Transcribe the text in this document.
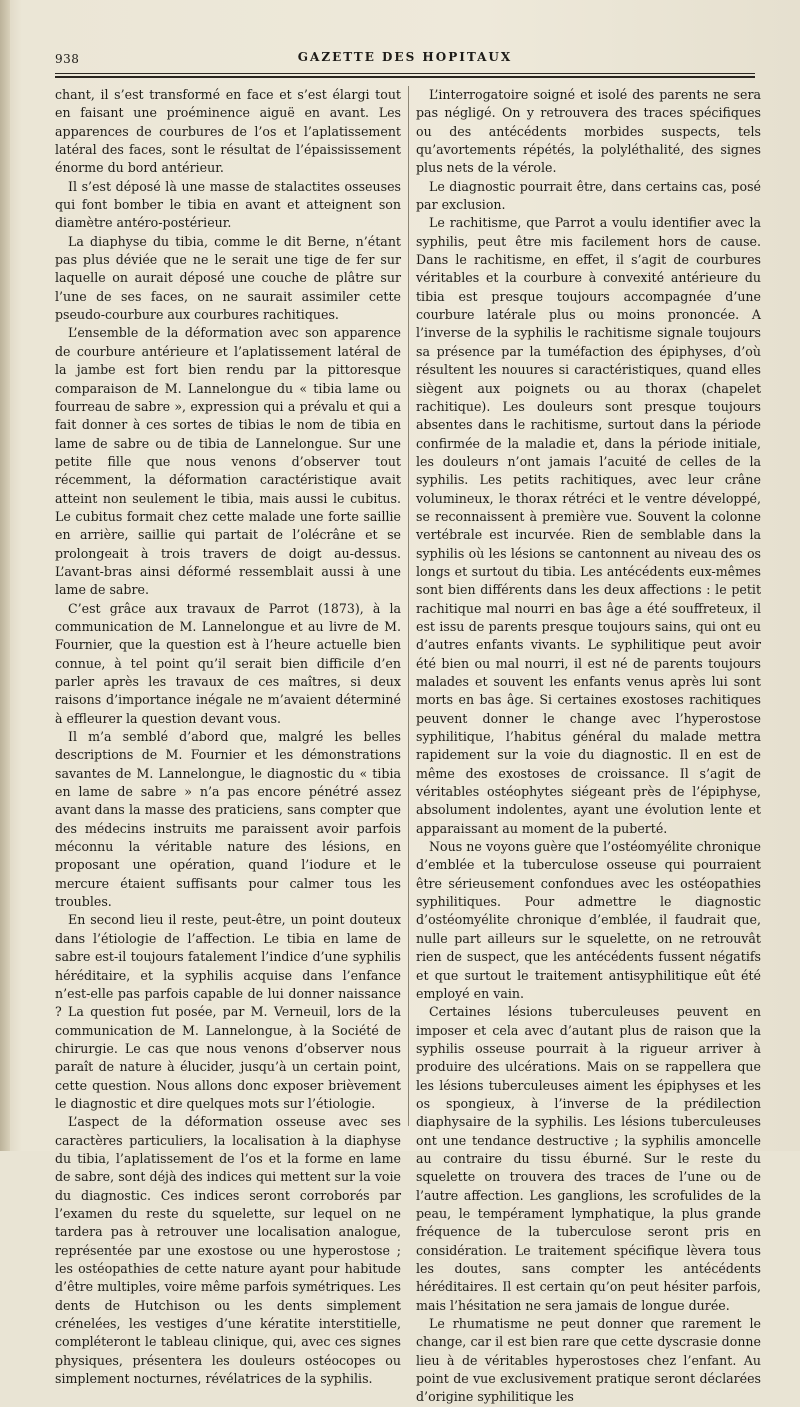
938	GAZETTE DES HOPITAUX

chant, il s’est transformé en face et s’est élargi tout en faisant une proéminence aiguë en avant. Les apparences de courbures de l’os et l’aplatissement latéral des faces, sont le résultat de l’épaississement énorme du bord antérieur.

Il s’est déposé là une masse de stalactites osseuses qui font bomber le tibia en avant et atteignent son diamètre antéro-postérieur.

La diaphyse du tibia, comme le dit Berne, n’étant pas plus déviée que ne le serait une tige de fer sur laquelle on aurait déposé une couche de plâtre sur l’une de ses faces, on ne saurait assimiler cette pseudo-courbure aux courbures rachitiques.

L’ensemble de la déformation avec son apparence de courbure antérieure et l’aplatissement latéral de la jambe est fort bien rendu par la pittoresque comparaison de M. Lannelongue du « tibia lame ou fourreau de sabre », expression qui a prévalu et qui a fait donner à ces sortes de tibias le nom de tibia en lame de sabre ou de tibia de Lannelongue. Sur une petite fille que nous venons d’observer tout récemment, la déformation caractéristique avait atteint non seulement le tibia, mais aussi le cubitus. Le cubitus formait chez cette malade une forte saillie en arrière, saillie qui partait de l’olécrâne et se prolongeait à trois travers de doigt au-dessus. L’avant-bras ainsi déformé ressemblait aussi à une lame de sabre.

C’est grâce aux travaux de Parrot (1873), à la communication de M. Lannelongue et au livre de M. Fournier, que la question est à l’heure actuelle bien connue, à tel point qu’il serait bien difficile d’en parler après les travaux de ces maîtres, si deux raisons d’importance inégale ne m’avaient déterminé à effleurer la question devant vous.

Il m’a semblé d’abord que, malgré les belles descriptions de M. Fournier et les démonstrations savantes de M. Lannelongue, le diagnostic du « tibia en lame de sabre » n’a pas encore pénétré assez avant dans la masse des praticiens, sans compter que des médecins instruits me paraissent avoir parfois méconnu la véritable nature des lésions, en proposant une opération, quand l’iodure et le mercure étaient suffisants pour calmer tous les troubles.

En second lieu il reste, peut-être, un point douteux dans l’étiologie de l’affection. Le tibia en lame de sabre est-il toujours fatalement l’indice d’une syphilis héréditaire, et la syphilis acquise dans l’enfance n’est-elle pas parfois capable de lui donner naissance ? La question fut posée, par M. Verneuil, lors de la communication de M. Lannelongue, à la Société de chirurgie. Le cas que nous venons d’observer nous paraît de nature à élucider, jusqu’à un certain point, cette question. Nous allons donc exposer brièvement le diagnostic et dire quelques mots sur l’étiologie.

L’aspect de la déformation osseuse avec ses caractères particuliers, la localisation à la diaphyse du tibia, l’aplatissement de l’os et la forme en lame de sabre, sont déjà des indices qui mettent sur la voie du diagnostic. Ces indices seront corroborés par l’examen du reste du squelette, sur lequel on ne tardera pas à retrouver une localisation analogue, représentée par une exostose ou une hyperostose ; les ostéopathies de cette nature ayant pour habitude d’être multiples, voire même parfois symétriques. Les dents de Hutchison ou les dents simplement crénelées, les vestiges d’une kératite interstitielle, compléteront le tableau clinique, qui, avec ces signes physiques, présentera les douleurs ostéocopes ou simplement nocturnes, révélatrices de la syphilis.

L’interrogatoire soigné et isolé des parents ne sera pas négligé. On y retrouvera des traces spécifiques ou des antécédents morbides suspects, tels qu’avortements répétés, la polyléthalité, des signes plus nets de la vérole.

Le diagnostic pourrait être, dans certains cas, posé par exclusion.

Le rachitisme, que Parrot a voulu identifier avec la syphilis, peut être mis facilement hors de cause. Dans le rachitisme, en effet, il s’agit de courbures véritables et la courbure à convexité antérieure du tibia est presque toujours accompagnée d’une courbure latérale plus ou moins prononcée. A l’inverse de la syphilis le rachitisme signale toujours sa présence par la tuméfaction des épiphyses, d’où résultent les nouures si caractéristiques, quand elles siègent aux poignets ou au thorax (chapelet rachitique). Les douleurs sont presque toujours absentes dans le rachitisme, surtout dans la période confirmée de la maladie et, dans la période initiale, les douleurs n’ont jamais l’acuité de celles de la syphilis. Les petits rachitiques, avec leur crâne volumineux, le thorax rétréci et le ventre développé, se reconnaissent à première vue. Souvent la colonne vertébrale est incurvée. Rien de semblable dans la syphilis où les lésions se cantonnent au niveau des os longs et surtout du tibia. Les antécédents eux-mêmes sont bien différents dans les deux affections : le petit rachitique mal nourri en bas âge a été souffreteux, il est issu de parents presque toujours sains, qui ont eu d’autres enfants vivants. Le syphilitique peut avoir été bien ou mal nourri, il est né de parents toujours malades et souvent les enfants venus après lui sont morts en bas âge. Si certaines exostoses rachitiques peuvent donner le change avec l’hyperostose syphilitique, l’habitus général du malade mettra rapidement sur la voie du diagnostic. Il en est de même des exostoses de croissance. Il s’agit de véritables ostéophytes siégeant près de l’épiphyse, absolument indolentes, ayant une évolution lente et apparaissant au moment de la puberté.

Nous ne voyons guère que l’ostéomyélite chronique d’emblée et la tuberculose osseuse qui pourraient être sérieusement confondues avec les ostéopathies syphilitiques. Pour admettre le diagnostic d’ostéomyélite chronique d’emblée, il faudrait que, nulle part ailleurs sur le squelette, on ne retrouvât rien de suspect, que les antécédents fussent négatifs et que surtout le traitement antisyphilitique eût été employé en vain.

Certaines lésions tuberculeuses peuvent en imposer et cela avec d’autant plus de raison que la syphilis osseuse pourrait à la rigueur arriver à produire des ulcérations. Mais on se rappellera que les lésions tuberculeuses aiment les épiphyses et les os spongieux, à l’inverse de la prédilection diaphysaire de la syphilis. Les lésions tuberculeuses ont une tendance destructive ; la syphilis amoncelle au contraire du tissu éburné. Sur le reste du squelette on trouvera des traces de l’une ou de l’autre affection. Les ganglions, les scrofulides de la peau, le tempérament lymphatique, la plus grande fréquence de la tuberculose seront pris en considération. Le traitement spécifique lèvera tous les doutes, sans compter les antécédents héréditaires. Il est certain qu’on peut hésiter parfois, mais l’hésitation ne sera jamais de longue durée.

Le rhumatisme ne peut donner que rarement le change, car il est bien rare que cette dyscrasie donne lieu à de véritables hyperostoses chez l’enfant. Au point de vue exclusivement pratique seront déclarées d’origine syphilitique les
